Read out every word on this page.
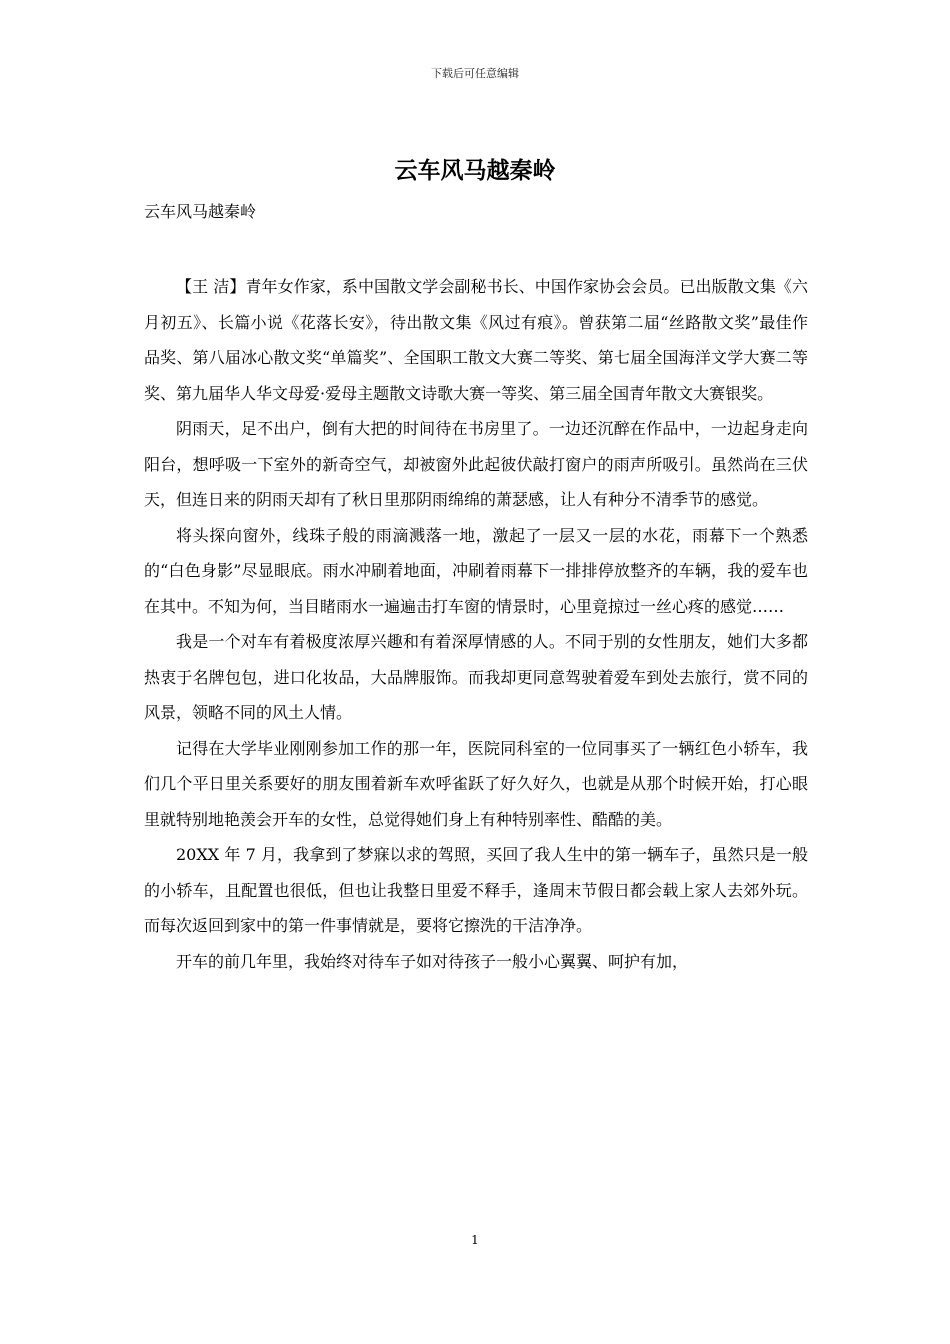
下载后可任意编辑
云车风马越秦岭
云车风马越秦岭

【王 洁】青年女作家，系中国散文学会副秘书长、中国作家协会会员。已出版散文集《六月初五》、长篇小说《花落长安》，待出散文集《风过有痕》。曾获第二届“丝路散文奖”最佳作品奖、第八届冰心散文奖“单篇奖”、全国职工散文大赛二等奖、第七届全国海洋文学大赛二等奖、第九届华人华文母爱·爱母主题散文诗歌大赛一等奖、第三届全国青年散文大赛银奖。

阴雨天，足不出户，倒有大把的时间待在书房里了。一边还沉醉在作品中，一边起身走向阳台，想呼吸一下室外的新奇空气，却被窗外此起彼伏敲打窗户的雨声所吸引。虽然尚在三伏天，但连日来的阴雨天却有了秋日里那阴雨绵绵的萧瑟感，让人有种分不清季节的感觉。

将头探向窗外，线珠子般的雨滴溅落一地，激起了一层又一层的水花，雨幕下一个熟悉的“白色身影”尽显眼底。雨水冲刷着地面，冲刷着雨幕下一排排停放整齐的车辆，我的爱车也在其中。不知为何，当目睹雨水一遍遍击打车窗的情景时，心里竟掠过一丝心疼的感觉……

我是一个对车有着极度浓厚兴趣和有着深厚情感的人。不同于别的女性朋友，她们大多都热衷于名牌包包，进口化妆品，大品牌服饰。而我却更同意驾驶着爱车到处去旅行，赏不同的风景，领略不同的风土人情。

记得在大学毕业刚刚参加工作的那一年，医院同科室的一位同事买了一辆红色小轿车，我们几个平日里关系要好的朋友围着新车欢呼雀跃了好久好久，也就是从那个时候开始，打心眼里就特别地艳羡会开车的女性，总觉得她们身上有种特别率性、酷酷的美。

20XX 年 7 月，我拿到了梦寐以求的驾照，买回了我人生中的第一辆车子，虽然只是一般的小轿车，且配置也很低，但也让我整日里爱不释手，逢周末节假日都会载上家人去郊外玩。而每次返回到家中的第一件事情就是，要将它擦洗的干洁净净。

开车的前几年里，我始终对待车子如对待孩子一般小心翼翼、呵护有加，

1
